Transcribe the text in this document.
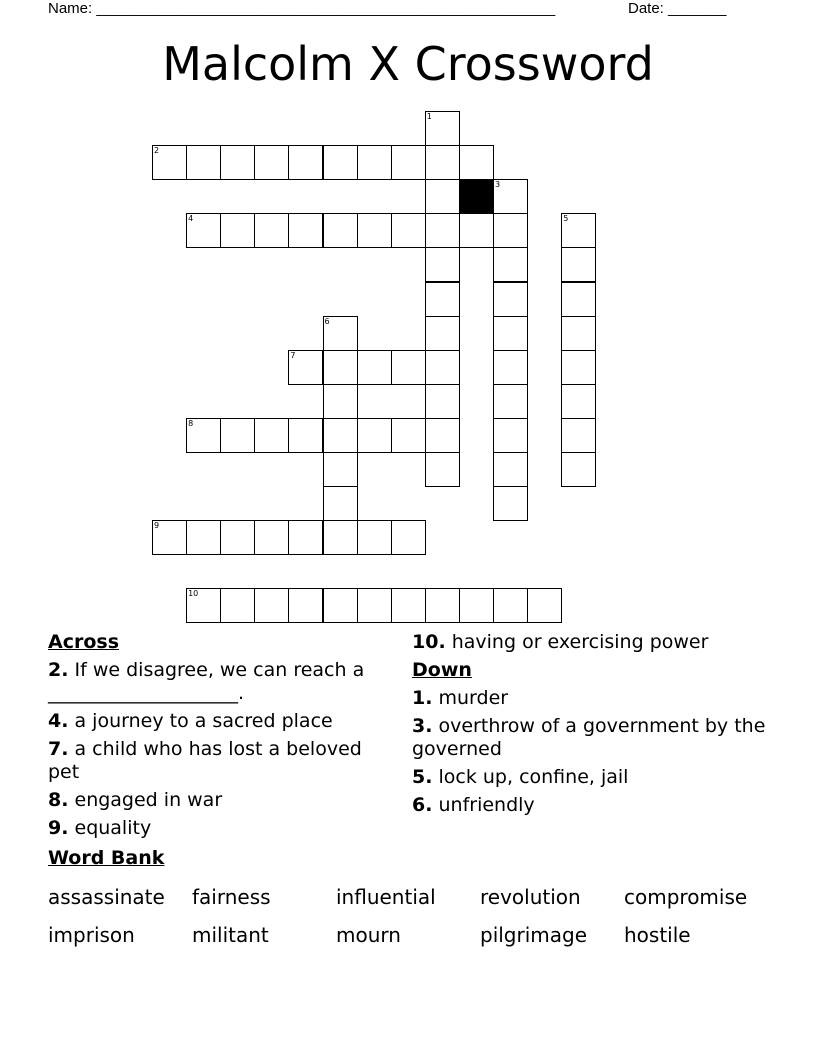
Name: _______________________________________________________	Date: _______
Malcolm X Crossword
1
2
3
4	5
6
7
8
9
10
Across
2. If we disagree, we can reach a ____________________.
4. a journey to a sacred place
7. a child who has lost a beloved pet
8. engaged in war
9. equality
10. having or exercising power
Down
1. murder
3. overthrow of a government by the governed
5. lock up, confine, jail
6. unfriendly
Word Bank
assassinate fairness	influential revolution compromise
imprison	militant	mourn	pilgrimage hostile
